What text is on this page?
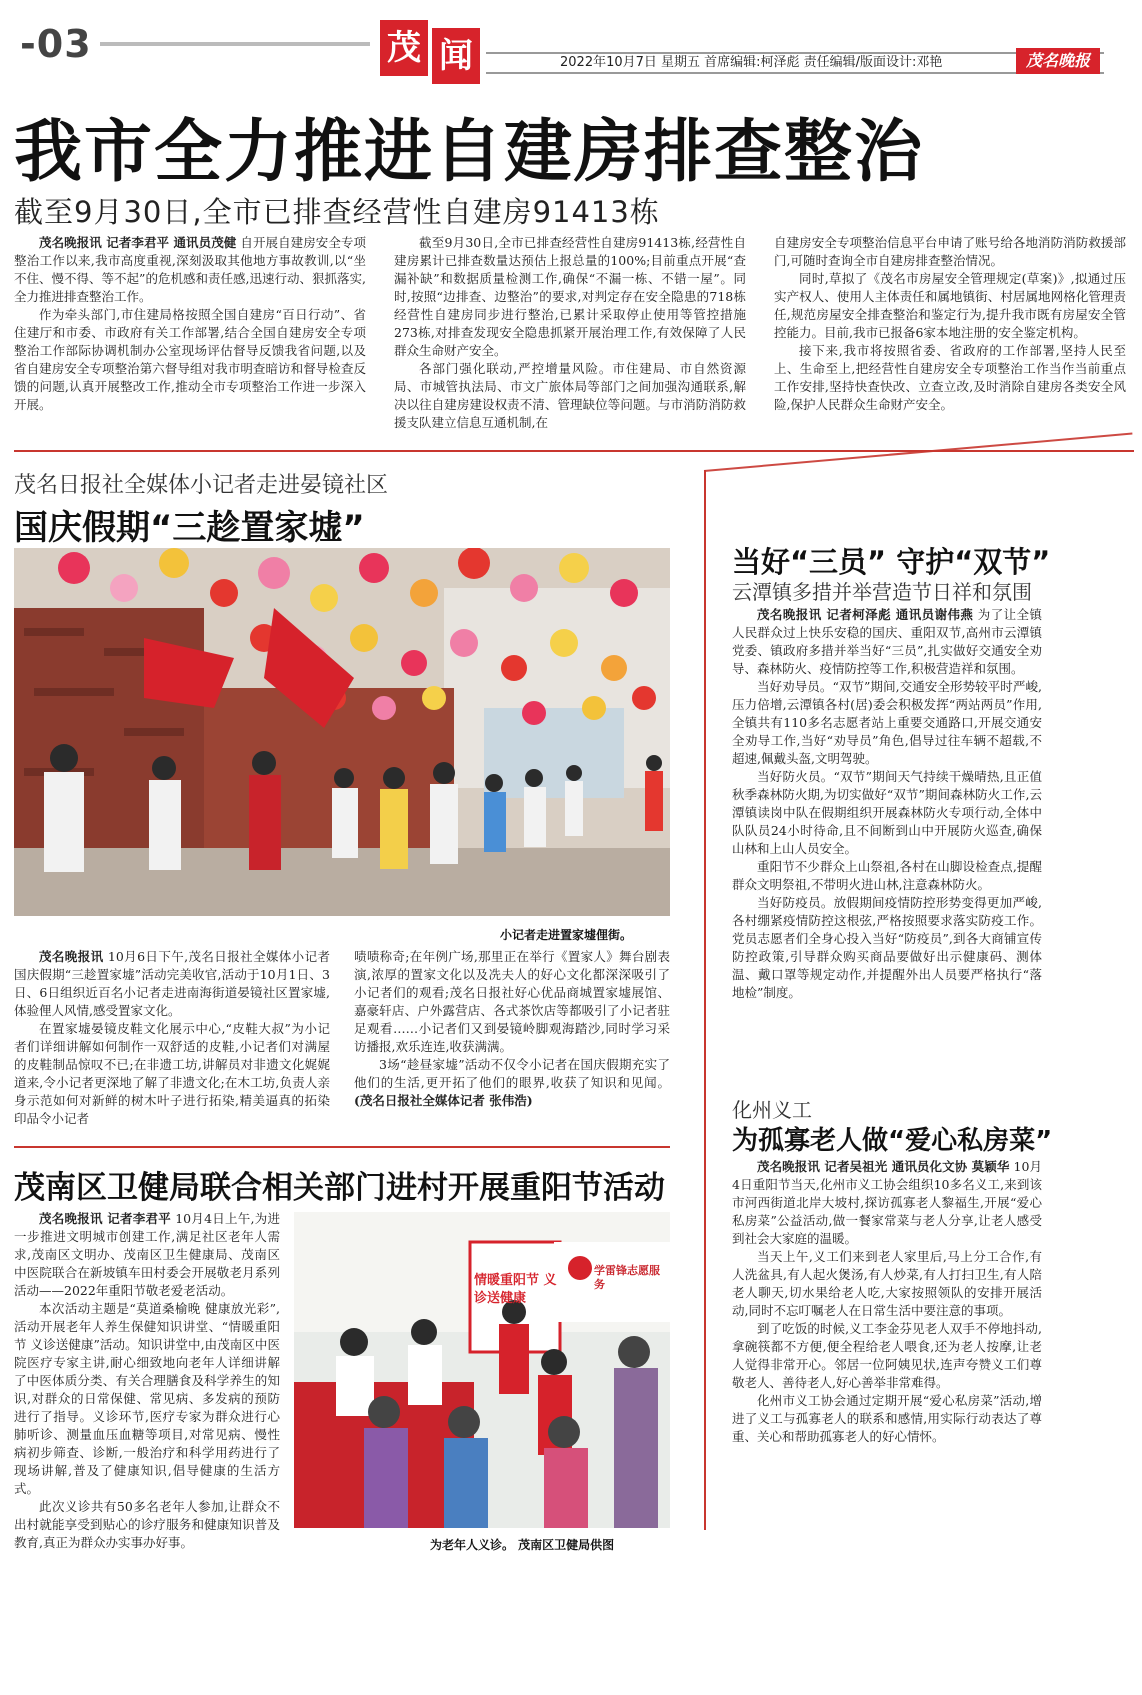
-03	茂 闻	2022年10月7日 星期五 首席编辑:柯泽彪 责任编辑/版面设计:邓艳	茂名晚报
我市全力推进自建房排查整治
截至9月30日,全市已排查经营性自建房91413栋

茂名晚报讯 记者李君平 通讯员茂健 自开展自建房安全专项整治工作以来,我市高度重视,深刻汲取其他地方事故教训,以“坐不住、慢不得、等不起”的危机感和责任感,迅速行动、狠抓落实,全力推进排查整治工作。

作为牵头部门,市住建局格按照全国自建房“百日行动”、省住建厅和市委、市政府有关工作部署,结合全国自建房安全专项整治工作部际协调机制办公室现场评估督导反馈我省问题,以及省自建房安全专项整治第六督导组对我市明查暗访和督导检查反馈的问题,认真开展整改工作,推动全市专项整治工作进一步深入开展。

截至9月30日,全市已排查经营性自建房91413栋,经营性自建房累计已排查数量达预估上报总量的100%;目前重点开展“查漏补缺”和数据质量检测工作,确保“不漏一栋、不错一屋”。同时,按照“边排查、边整治”的要求,对判定存在安全隐患的718栋经营性自建房同步进行整治,已累计采取停止使用等管控措施273栋,对排查发现安全隐患抓紧开展治理工作,有效保障了人民群众生命财产安全。

各部门强化联动,严控增量风险。市住建局、市自然资源局、市城管执法局、市文广旅体局等部门之间加强沟通联系,解决以往自建房建设权责不清、管理缺位等问题。与市消防消防救援支队建立信息互通机制,在

自建房安全专项整治信息平台申请了账号给各地消防消防救援部门,可随时查询全市自建房排查整治情况。

同时,草拟了《茂名市房屋安全管理规定(草案)》,拟通过压实产权人、使用人主体责任和属地镇街、村居属地网格化管理责任,规范房屋安全排查整治和鉴定行为,提升我市既有房屋安全管控能力。目前,我市已报备6家本地注册的安全鉴定机构。

接下来,我市将按照省委、省政府的工作部署,坚持人民至上、生命至上,把经营性自建房安全专项整治工作当作当前重点工作安排,坚持快查快改、立查立改,及时消除自建房各类安全风险,保护人民群众生命财产安全。

茂名日报社全媒体小记者走进晏镜社区
国庆假期“三趁置家墟”
小记者走进置家墟俚街。

茂名晚报讯 10月6日下午,茂名日报社全媒体小记者国庆假期“三趁置家墟”活动完美收官,活动于10月1日、3日、6日组织近百名小记者走进南海街道晏镜社区置家墟,体验俚人风情,感受置家文化。

在置家墟晏镜皮鞋文化展示中心,“皮鞋大叔”为小记者们详细讲解如何制作一双舒适的皮鞋,小记者们对满屋的皮鞋制品惊叹不已;在非遗工坊,讲解员对非遗文化娓娓道来,令小记者更深地了解了非遗文化;在木工坊,负责人亲身示范如何对新鲜的树木叶子进行拓染,精美逼真的拓染印品令小记者

啧啧称奇;在年例广场,那里正在举行《置家人》舞台剧表演,浓厚的置家文化以及冼夫人的好心文化都深深吸引了小记者们的观看;茂名日报社好心优品商城置家墟展馆、嘉豪轩店、户外露营店、各式茶饮店等都吸引了小记者驻足观看……小记者们又到晏镜岭脚观海踏沙,同时学习采访播报,欢乐连连,收获满满。

3场“趁昼家墟”活动不仅令小记者在国庆假期充实了他们的生活,更开拓了他们的眼界,收获了知识和见闻。 (茂名日报社全媒体记者 张伟浩)

茂南区卫健局联合相关部门进村开展重阳节活动

茂名晚报讯 记者李君平 10月4日上午,为进一步推进文明城市创建工作,满足社区老年人需求,茂南区文明办、茂南区卫生健康局、茂南区中医院联合在新坡镇车田村委会开展敬老月系列活动——2022年重阳节敬老爱老活动。

本次活动主题是“莫道桑榆晚 健康放光彩”,活动开展老年人养生保健知识讲堂、“情暖重阳节 义诊送健康”活动。知识讲堂中,由茂南区中医院医疗专家主讲,耐心细致地向老年人详细讲解了中医体质分类、有关合理膳食及科学养生的知识,对群众的日常保健、常见病、多发病的预防进行了指导。义诊环节,医疗专家为群众进行心肺听诊、测量血压血糖等项目,对常见病、慢性病初步筛查、诊断,一般治疗和科学用药进行了现场讲解,普及了健康知识,倡导健康的生活方式。

此次义诊共有50多名老年人参加,让群众不出村就能享受到贴心的诊疗服务和健康知识普及教育,真正为群众办实事办好事。

情暖重阳节 义诊送健康
学雷锋志愿服务
为老年人义诊。 茂南区卫健局供图
当好“三员” 守护“双节”
云潭镇多措并举营造节日祥和氛围

茂名晚报讯 记者柯泽彪 通讯员谢伟燕 为了让全镇人民群众过上快乐安稳的国庆、重阳双节,高州市云潭镇党委、镇政府多措并举当好“三员”,扎实做好交通安全劝导、森林防火、疫情防控等工作,积极营造祥和氛围。

当好劝导员。“双节”期间,交通安全形势较平时严峻,压力倍增,云潭镇各村(居)委会积极发挥“两站两员”作用,全镇共有110多名志愿者站上重要交通路口,开展交通安全劝导工作,当好“劝导员”角色,倡导过往车辆不超载,不超速,佩戴头盔,文明驾驶。

当好防火员。“双节”期间天气持续干燥晴热,且正值秋季森林防火期,为切实做好“双节”期间森林防火工作,云潭镇读岗中队在假期组织开展森林防火专项行动,全体中队队员24小时待命,且不间断到山中开展防火巡查,确保山林和上山人员安全。

重阳节不少群众上山祭祖,各村在山脚设检查点,提醒群众文明祭祖,不带明火进山林,注意森林防火。

当好防疫员。放假期间疫情防控形势变得更加严峻,各村绷紧疫情防控这根弦,严格按照要求落实防疫工作。党员志愿者们全身心投入当好“防疫员”,到各大商铺宣传防控政策,引导群众购买商品要做好出示健康码、测体温、戴口罩等规定动作,并提醒外出人员要严格执行“落地检”制度。

化州义工
为孤寡老人做“爱心私房菜”

茂名晚报讯 记者吴祖光 通讯员化文协 莫颖华 10月4日重阳节当天,化州市义工协会组织10多名义工,来到该市河西街道北岸大坡村,探访孤寡老人黎福生,开展“爱心私房菜”公益活动,做一餐家常菜与老人分享,让老人感受到社会大家庭的温暖。

当天上午,义工们来到老人家里后,马上分工合作,有人洗盆具,有人起火煲汤,有人炒菜,有人打扫卫生,有人陪老人聊天,切水果给老人吃,大家按照领队的安排开展活动,同时不忘叮嘱老人在日常生活中要注意的事项。

到了吃饭的时候,义工李金芬见老人双手不停地抖动,拿碗筷都不方便,便全程给老人喂食,还为老人按摩,让老人觉得非常开心。邻居一位阿姨见状,连声夸赞义工们尊敬老人、善待老人,好心善举非常难得。

化州市义工协会通过定期开展“爱心私房菜”活动,增进了义工与孤寡老人的联系和感情,用实际行动表达了尊重、关心和帮助孤寡老人的好心情怀。
